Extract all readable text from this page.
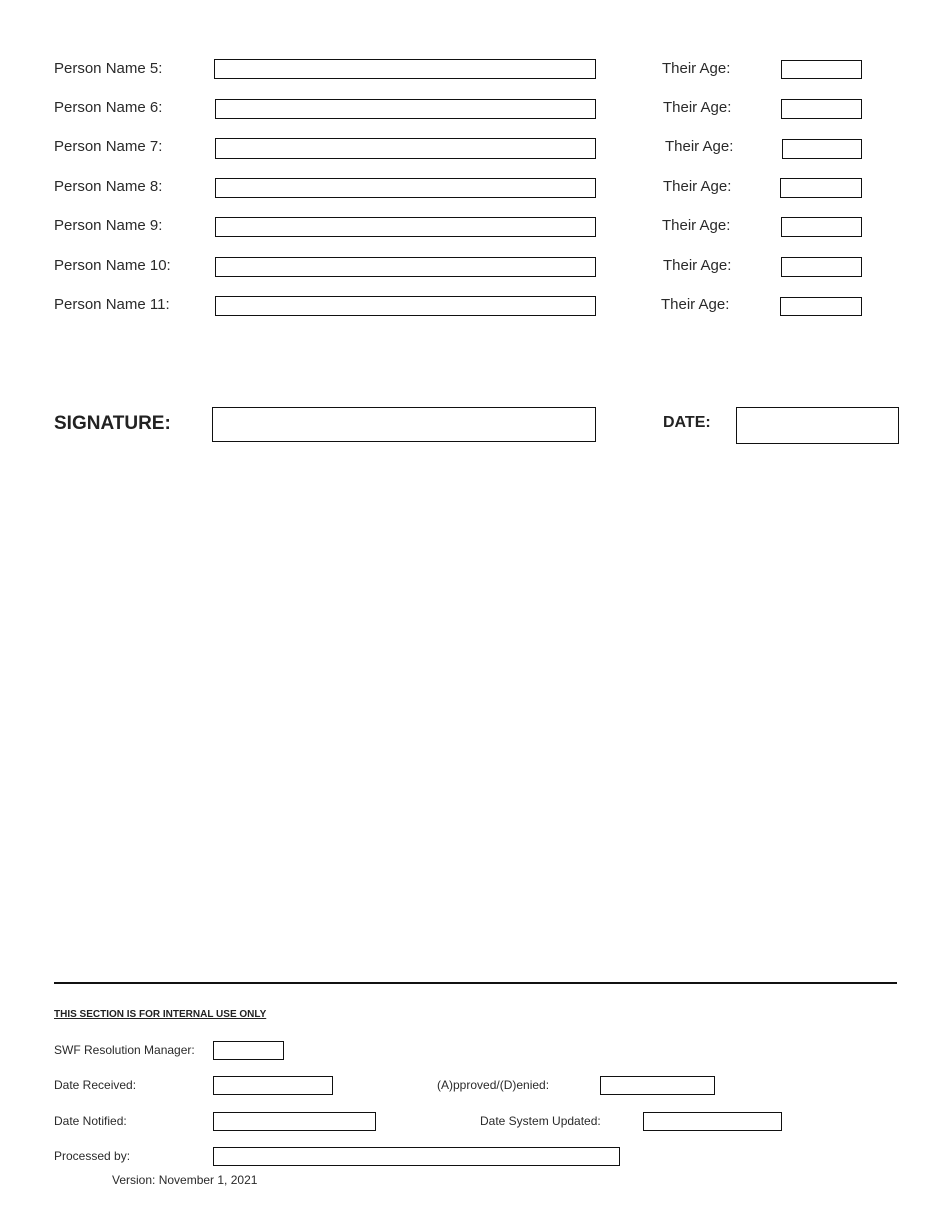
Person Name 5:	Their Age:
Person Name 6:	Their Age:
Person Name 7:	Their Age:
Person Name 8:	Their Age:
Person Name 9:	Their Age:
Person Name 10:	Their Age:
Person Name 11:	Their Age:
SIGNATURE:	DATE:
THIS SECTION IS FOR INTERNAL USE ONLY
SWF Resolution Manager:
Date Received:	(A)pproved/(D)enied:
Date Notified:	Date System Updated:
Processed by:
Version: November 1, 2021
